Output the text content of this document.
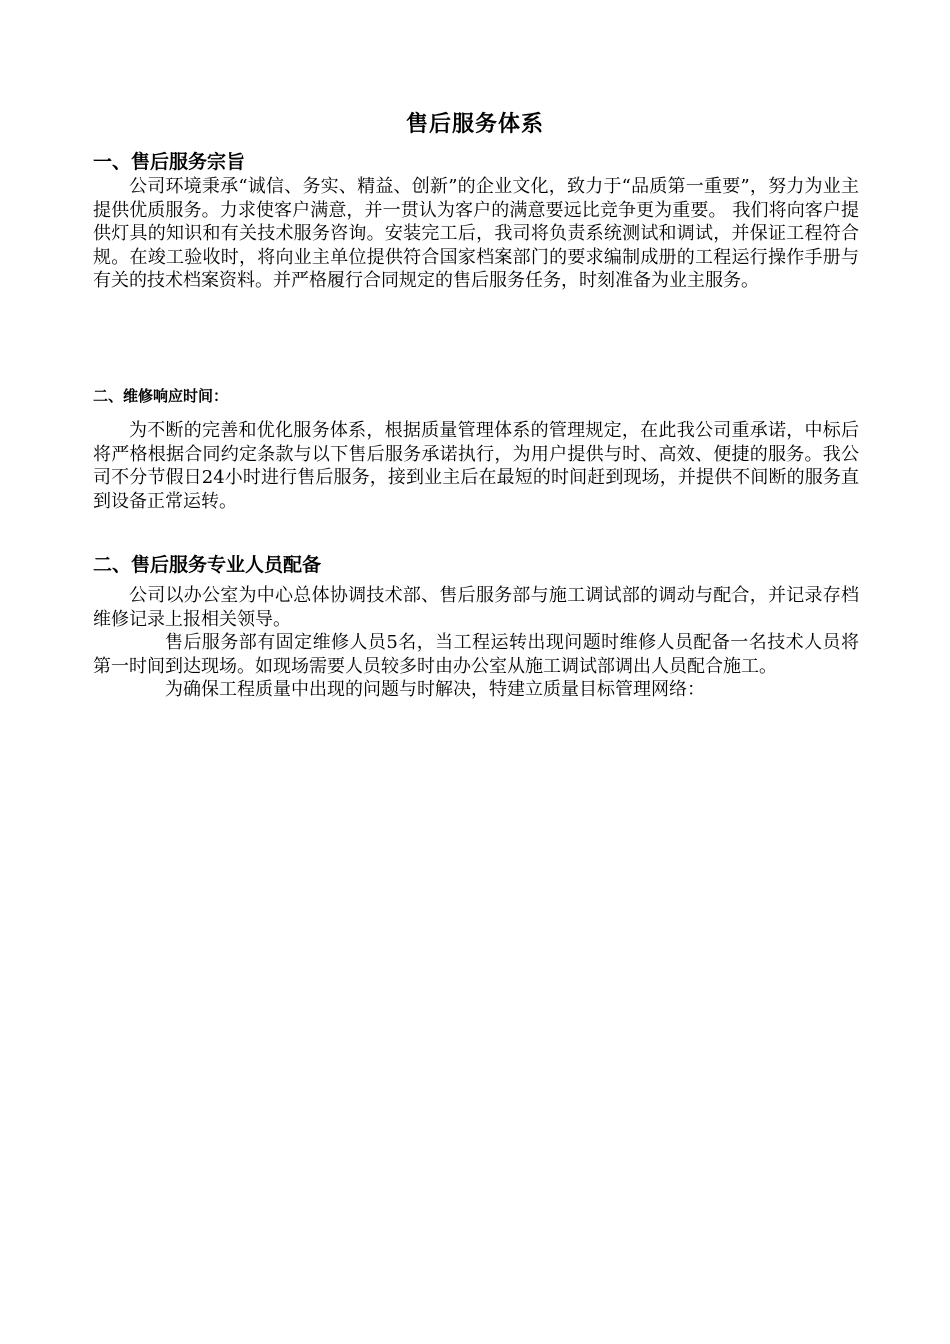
售后服务体系
一、售后服务宗旨

公司环境秉承“诚信、务实、精益、创新”的企业文化，致力于“品质第一重要”，努力为业主提供优质服务。力求使客户满意，并一贯认为客户的满意要远比竞争更为重要。 我们将向客户提供灯具的知识和有关技术服务咨询。安装完工后，我司将负责系统测试和调试，并保证工程符合规。在竣工验收时，将向业主单位提供符合国家档案部门的要求编制成册的工程运行操作手册与有关的技术档案资料。并严格履行合同规定的售后服务任务，时刻准备为业主服务。

二、维修响应时间：

为不断的完善和优化服务体系，根据质量管理体系的管理规定，在此我公司重承诺，中标后将严格根据合同约定条款与以下售后服务承诺执行，为用户提供与时、高效、便捷的服务。我公司不分节假日24小时进行售后服务，接到业主后在最短的时间赶到现场，并提供不间断的服务直到设备正常运转。

二、售后服务专业人员配备

公司以办公室为中心总体协调技术部、售后服务部与施工调试部的调动与配合，并记录存档维修记录上报相关领导。

售后服务部有固定维修人员5名，当工程运转出现问题时维修人员配备一名技术人员将第一时间到达现场。如现场需要人员较多时由办公室从施工调试部调出人员配合施工。

为确保工程质量中出现的问题与时解决，特建立质量目标管理网络：
